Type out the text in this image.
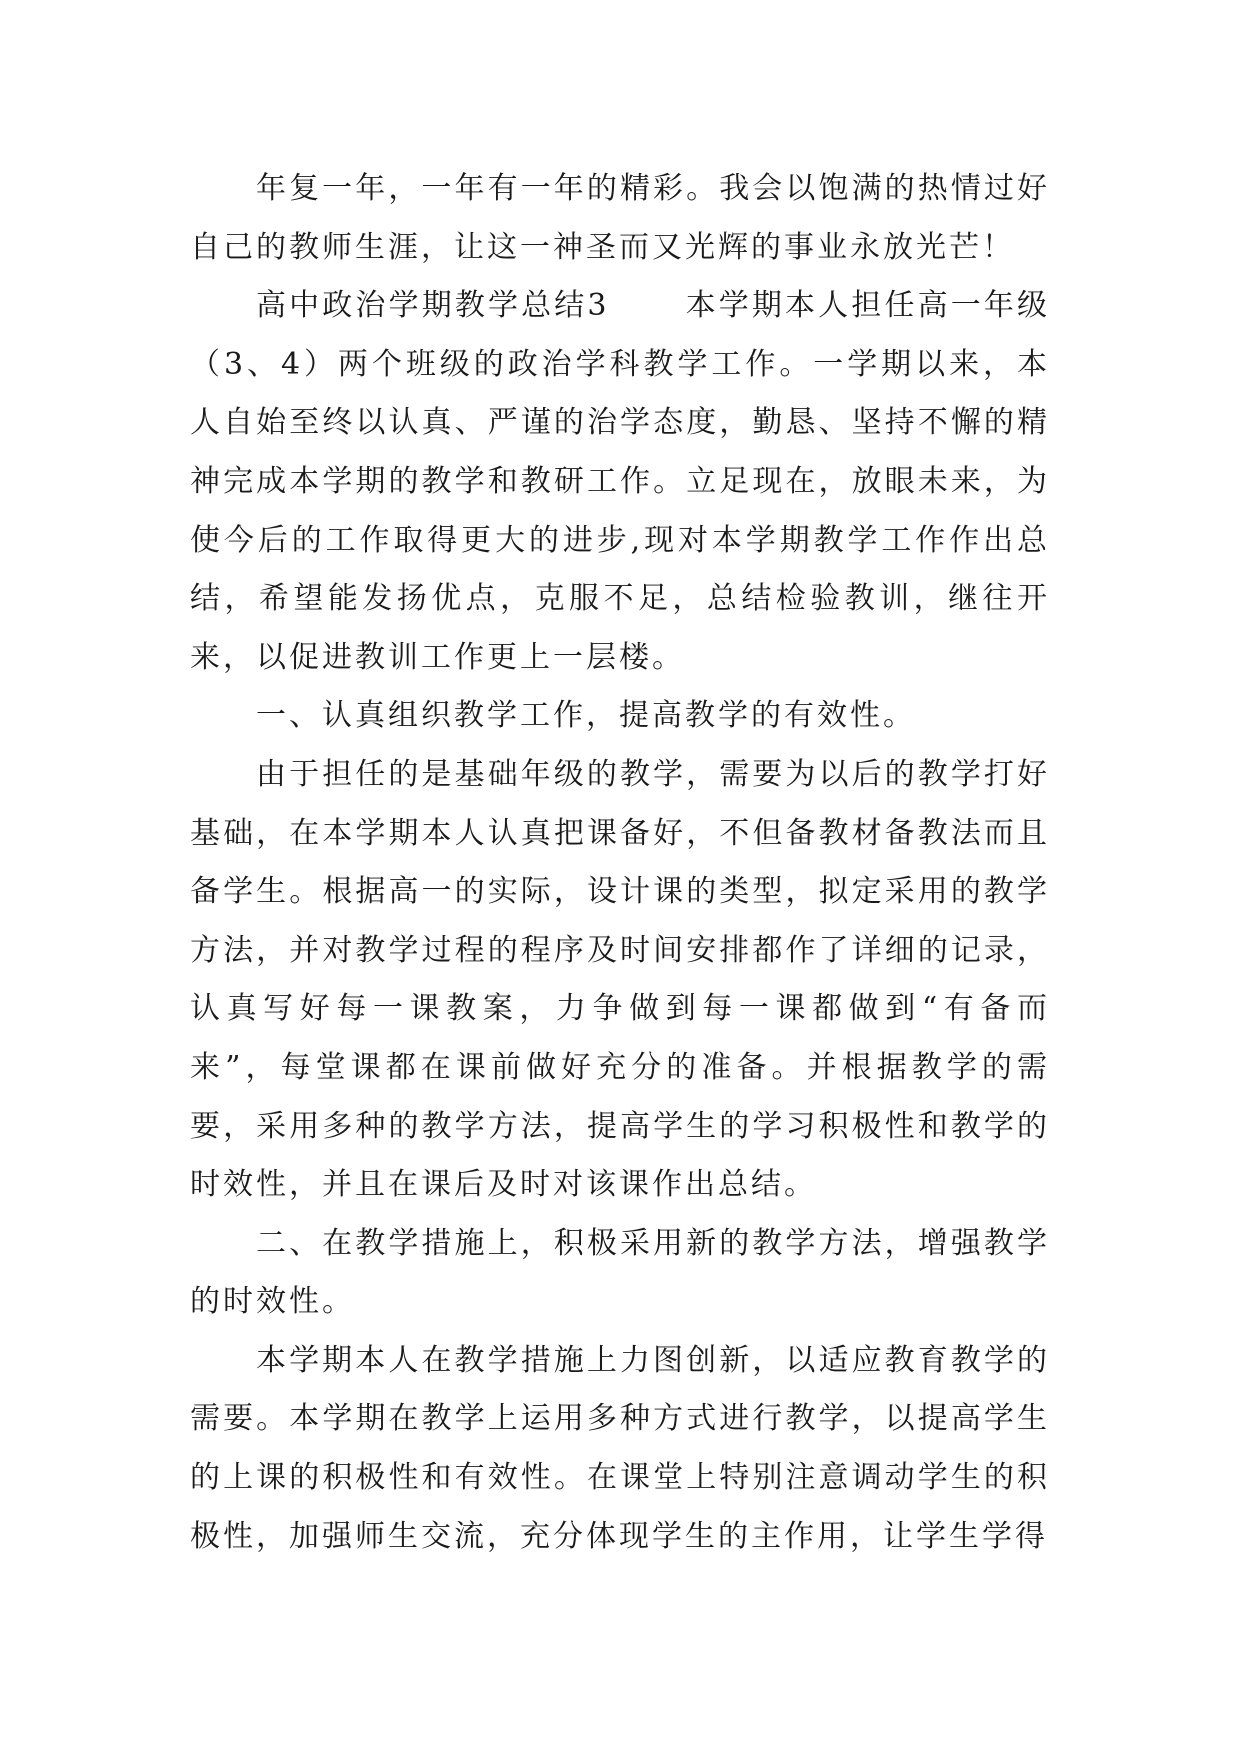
年复一年，一年有一年的精彩。我会以饱满的热情过好自己的教师生涯，让这一神圣而又光辉的事业永放光芒！

高中政治学期教学总结3	本学期本人担任高一年级（3、4）两个班级的政治学科教学工作。一学期以来，本人自始至终以认真、严谨的治学态度，勤恳、坚持不懈的精神完成本学期的教学和教研工作。立足现在，放眼未来，为使今后的工作取得更大的进步,现对本学期教学工作作出总结，希望能发扬优点，克服不足，总结检验教训，继往开来，以促进教训工作更上一层楼。

一、认真组织教学工作，提高教学的有效性。

由于担任的是基础年级的教学，需要为以后的教学打好基础，在本学期本人认真把课备好，不但备教材备教法而且备学生。根据高一的实际，设计课的类型，拟定采用的教学方法，并对教学过程的程序及时间安排都作了详细的记录，认真写好每一课教案，力争做到每一课都做到“有备而来”，每堂课都在课前做好充分的准备。并根据教学的需要，采用多种的教学方法，提高学生的学习积极性和教学的时效性，并且在课后及时对该课作出总结。

二、在教学措施上，积极采用新的教学方法，增强教学的时效性。

本学期本人在教学措施上力图创新，以适应教育教学的需要。本学期在教学上运用多种方式进行教学，以提高学生的上课的积极性和有效性。在课堂上特别注意调动学生的积极性，加强师生交流，充分体现学生的主作用，让学生学得
